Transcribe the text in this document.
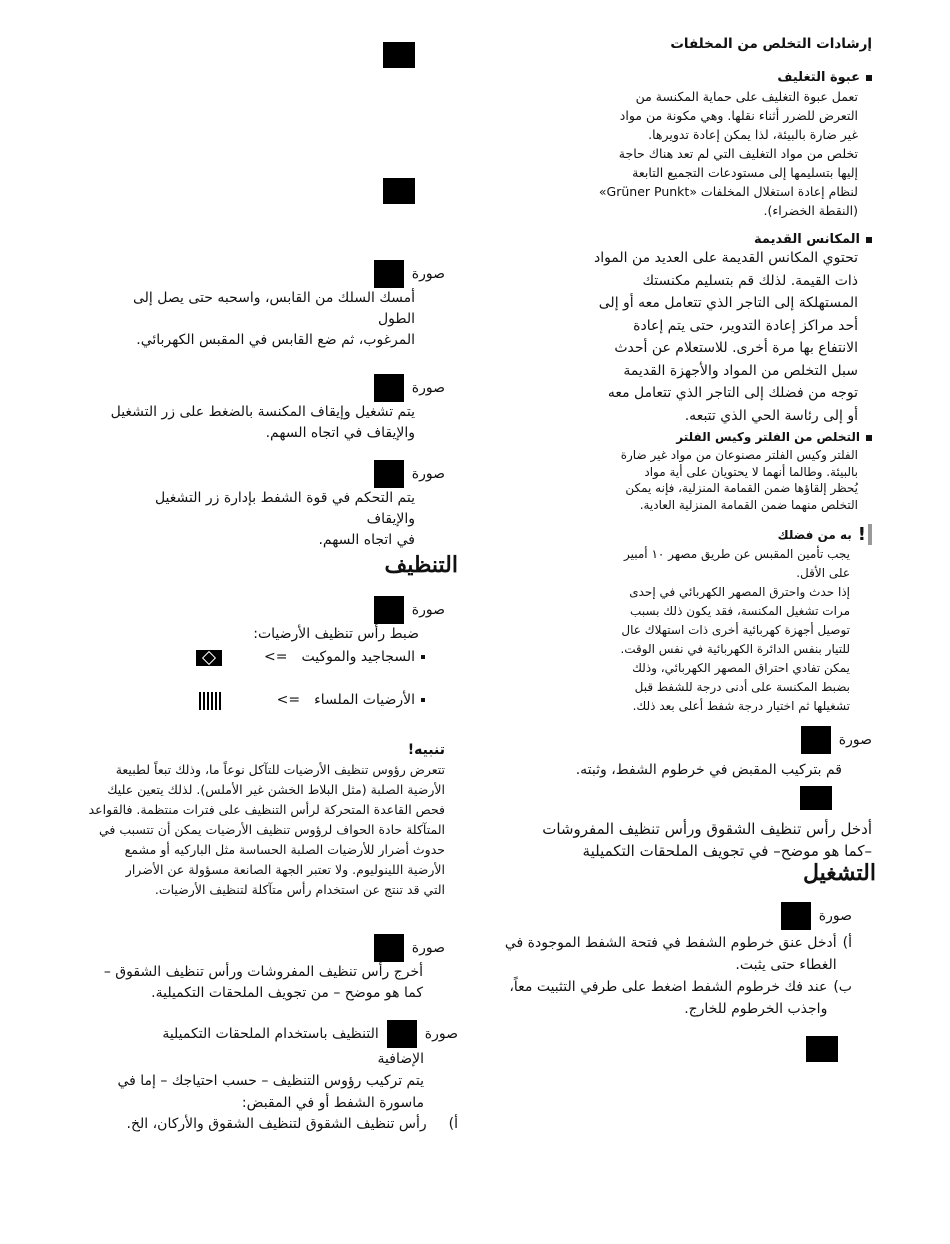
إرشادات التخلص من المخلفات
عبوة التغليف

تعمل عبوة التغليف على حماية المكنسة من

التعرض للضرر أثناء نقلها. وهي مكونة من مواد

غير ضارة بالبيئة، لذا يمكن إعادة تدويرها.

تخلص من مواد التغليف التي لم تعد هناك حاجة

إليها بتسليمها إلى مستودعات التجميع التابعة

لنظام إعادة استغلال المخلفات «Grüner Punkt»

(النقطة الخضراء).

المكانس القديمة

تحتوي المكانس القديمة على العديد من المواد

ذات القيمة. لذلك قم بتسليم مكنستك

المستهلكة إلى التاجر الذي تتعامل معه أو إلى

أحد مراكز إعادة التدوير، حتى يتم إعادة

الانتفاع بها مرة أخرى. للاستعلام عن أحدث

سبل التخلص من المواد والأجهزة القديمة

توجه من فضلك إلى التاجر الذي تتعامل معه

أو إلى رئاسة الحي الذي تتبعه.

التخلص من الفلتر وكيس الفلتر

الفلتر وكيس الفلتر مصنوعان من مواد غير ضارة

بالبيئة. وطالما أنهما لا يحتويان على أية مواد

يُحظر إلقاؤها ضمن القمامة المنزلية، فإنه يمكن

التخلص منهما ضمن القمامة المنزلية العادية.

!
به من فضلك

يجب تأمين المقبس عن طريق مصهر ١٠ أمبير

على الأقل.

إذا حدث واحترق المصهر الكهربائي في إحدى

مرات تشغيل المكنسة، فقد يكون ذلك بسبب

توصيل أجهزة كهربائية أخرى ذات استهلاك عال

للتيار بنفس الدائرة الكهربائية في نفس الوقت.

يمكن تفادي احتراق المصهر الكهربائي، وذلك

بضبط المكنسة على أدنى درجة للشفط قبل

تشغيلها ثم اختيار درجة شفط أعلى بعد ذلك.

صورة

قم بتركيب المقبض في خرطوم الشفط، وثبته.

أدخل رأس تنظيف الشقوق ورأس تنظيف المفروشات

–كما هو موضح– في تجويف الملحقات التكميلية

التشغيل
صورة
أ)

أدخل عنق خرطوم الشفط في فتحة الشفط الموجودة في

الغطاء حتى يثبت.

ب)

عند فك خرطوم الشفط اضغط على طرفي التثبيت معاً،

واجذب الخرطوم للخارج.

صورة

أمسك السلك من القابس، واسحبه حتى يصل إلى الطول

المرغوب، ثم ضع القابس في المقبس الكهربائي.

صورة

يتم تشغيل وإيقاف المكنسة بالضغط على زر التشغيل

والإيقاف في اتجاه السهم.

صورة

يتم التحكم في قوة الشفط بإدارة زر التشغيل والإيقاف

في اتجاه السهم.

التنظيف
صورة

ضبط رأس تنظيف الأرضيات:

السجاجيد والموكيت
<=
الأرضيات الملساء
<=
تنبيه!

تتعرض رؤوس تنظيف الأرضيات للتآكل نوعاً ما، وذلك تبعاً لطبيعة

الأرضية الصلبة (مثل البلاط الخشن غير الأملس). لذلك يتعين عليك

فحص القاعدة المتحركة لرأس التنظيف على فترات منتظمة. فالقواعد

المتآكلة حادة الحواف لرؤوس تنظيف الأرضيات يمكن أن تتسبب في

حدوث أضرار للأرضيات الصلبة الحساسة مثل الباركيه أو مشمع

الأرضية اللينوليوم. ولا تعتبر الجهة الصانعة مسؤولة عن الأضرار

التي قد تنتج عن استخدام رأس متآكلة لتنظيف الأرضيات.

صورة

أخرج رأس تنظيف المفروشات ورأس تنظيف الشقوق –

كما هو موضح – من تجويف الملحقات التكميلية.

صورة
التنظيف باستخدام الملحقات التكميلية

الإضافية

يتم تركيب رؤوس التنظيف – حسب احتياجك – إما في

ماسورة الشفط أو في المقبض:

أ)
رأس تنظيف الشقوق لتنظيف الشقوق والأركان، الخ.
